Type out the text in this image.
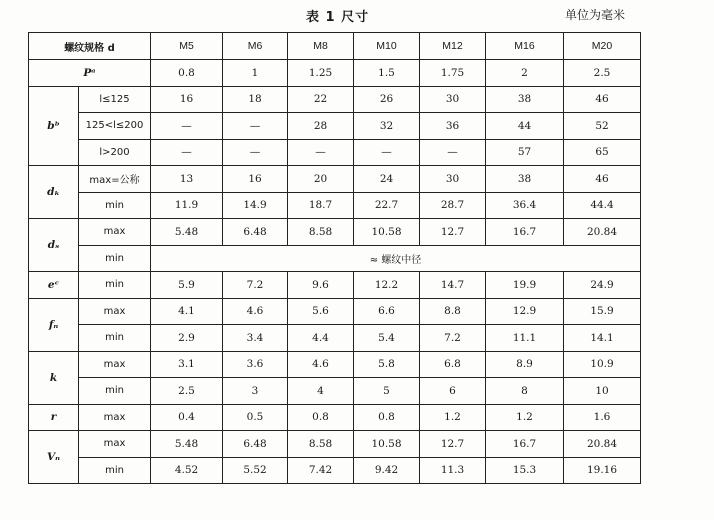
表 1 尺寸	单位为毫米
螺纹规格 d		M5	M6	M8	M10	M12	M16	M20
Pᵃ		0.8	1	1.25	1.5	1.75	2	2.5
bᵇ	l≤125	16	18	22	26	30	38	46
	125<l≤200	—	—	28	32	36	44	52
	l>200	—	—	—	—	—	57	65
dₖ	max=公称	13	16	20	24	30	38	46
	min	11.9	14.9	18.7	22.7	28.7	36.4	44.4
dₛ	max	5.48	6.48	8.58	10.58	12.7	16.7	20.84
	min	≈ 螺纹中径						
eᶜ	min	5.9	7.2	9.6	12.2	14.7	19.9	24.9
fₙ	max	4.1	4.6	5.6	6.6	8.8	12.9	15.9
	min	2.9	3.4	4.4	5.4	7.2	11.1	14.1
k	max	3.1	3.6	4.6	5.8	6.8	8.9	10.9
	min	2.5	3	4	5	6	8	10
r	max	0.4	0.5	0.8	0.8	1.2	1.2	1.6
Vₙ	max	5.48	6.48	8.58	10.58	12.7	16.7	20.84
	min	4.52	5.52	7.42	9.42	11.3	15.3	19.16
